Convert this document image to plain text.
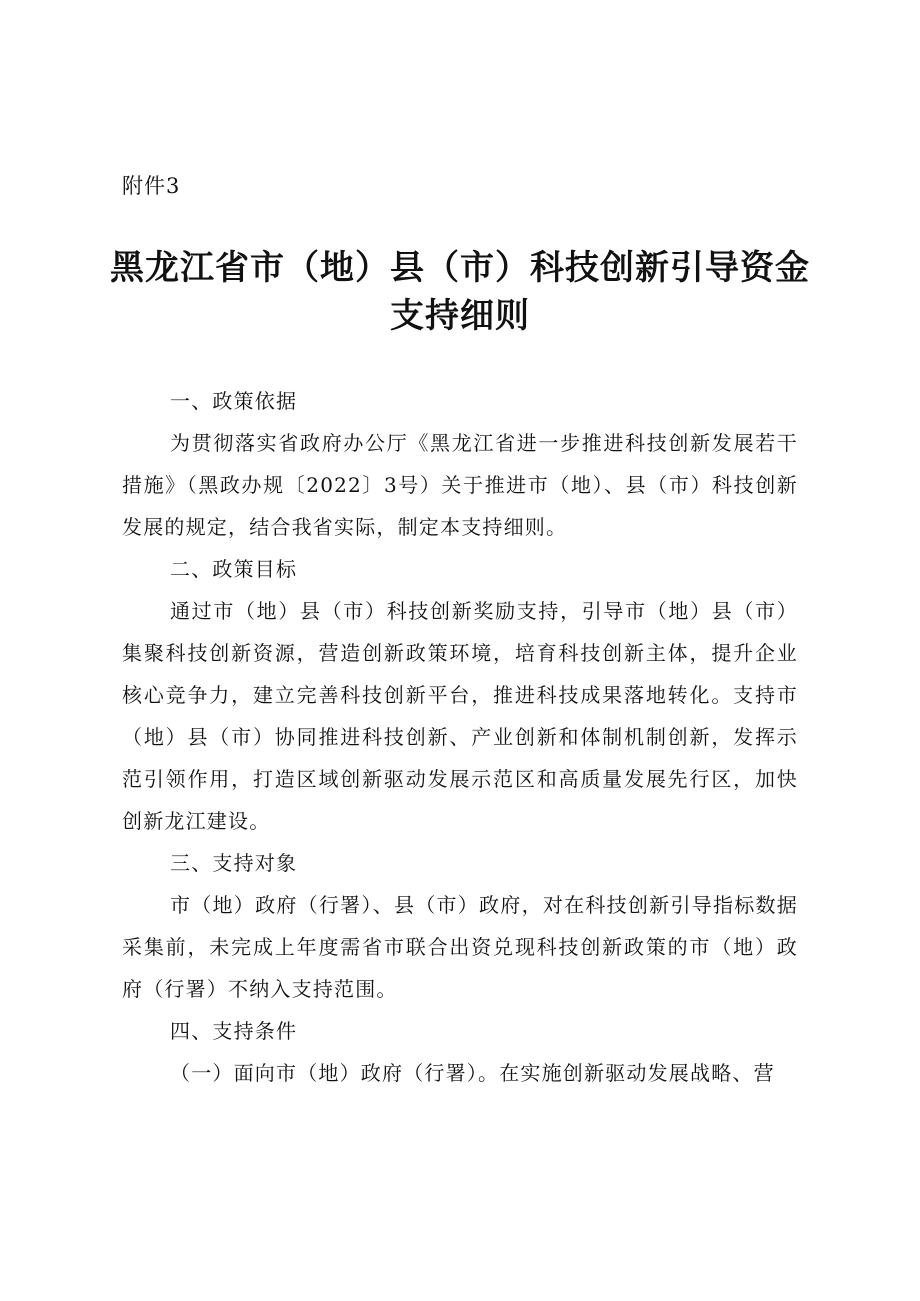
附件3
黑龙江省市（地）县（市）科技创新引导资金
支持细则

一、政策依据

为贯彻落实省政府办公厅《黑龙江省进一步推进科技创新发展若干措施》（黑政办规〔2022〕3号）关于推进市（地）、县（市）科技创新发展的规定，结合我省实际，制定本支持细则。

二、政策目标

通过市（地）县（市）科技创新奖励支持，引导市（地）县（市）集聚科技创新资源，营造创新政策环境，培育科技创新主体，提升企业核心竞争力，建立完善科技创新平台，推进科技成果落地转化。支持市（地）县（市）协同推进科技创新、产业创新和体制机制创新，发挥示范引领作用，打造区域创新驱动发展示范区和高质量发展先行区，加快创新龙江建设。

三、支持对象

市（地）政府（行署）、县（市）政府，对在科技创新引导指标数据采集前，未完成上年度需省市联合出资兑现科技创新政策的市（地）政府（行署）不纳入支持范围。

四、支持条件

（一）面向市（地）政府（行署）。在实施创新驱动发展战略、营
